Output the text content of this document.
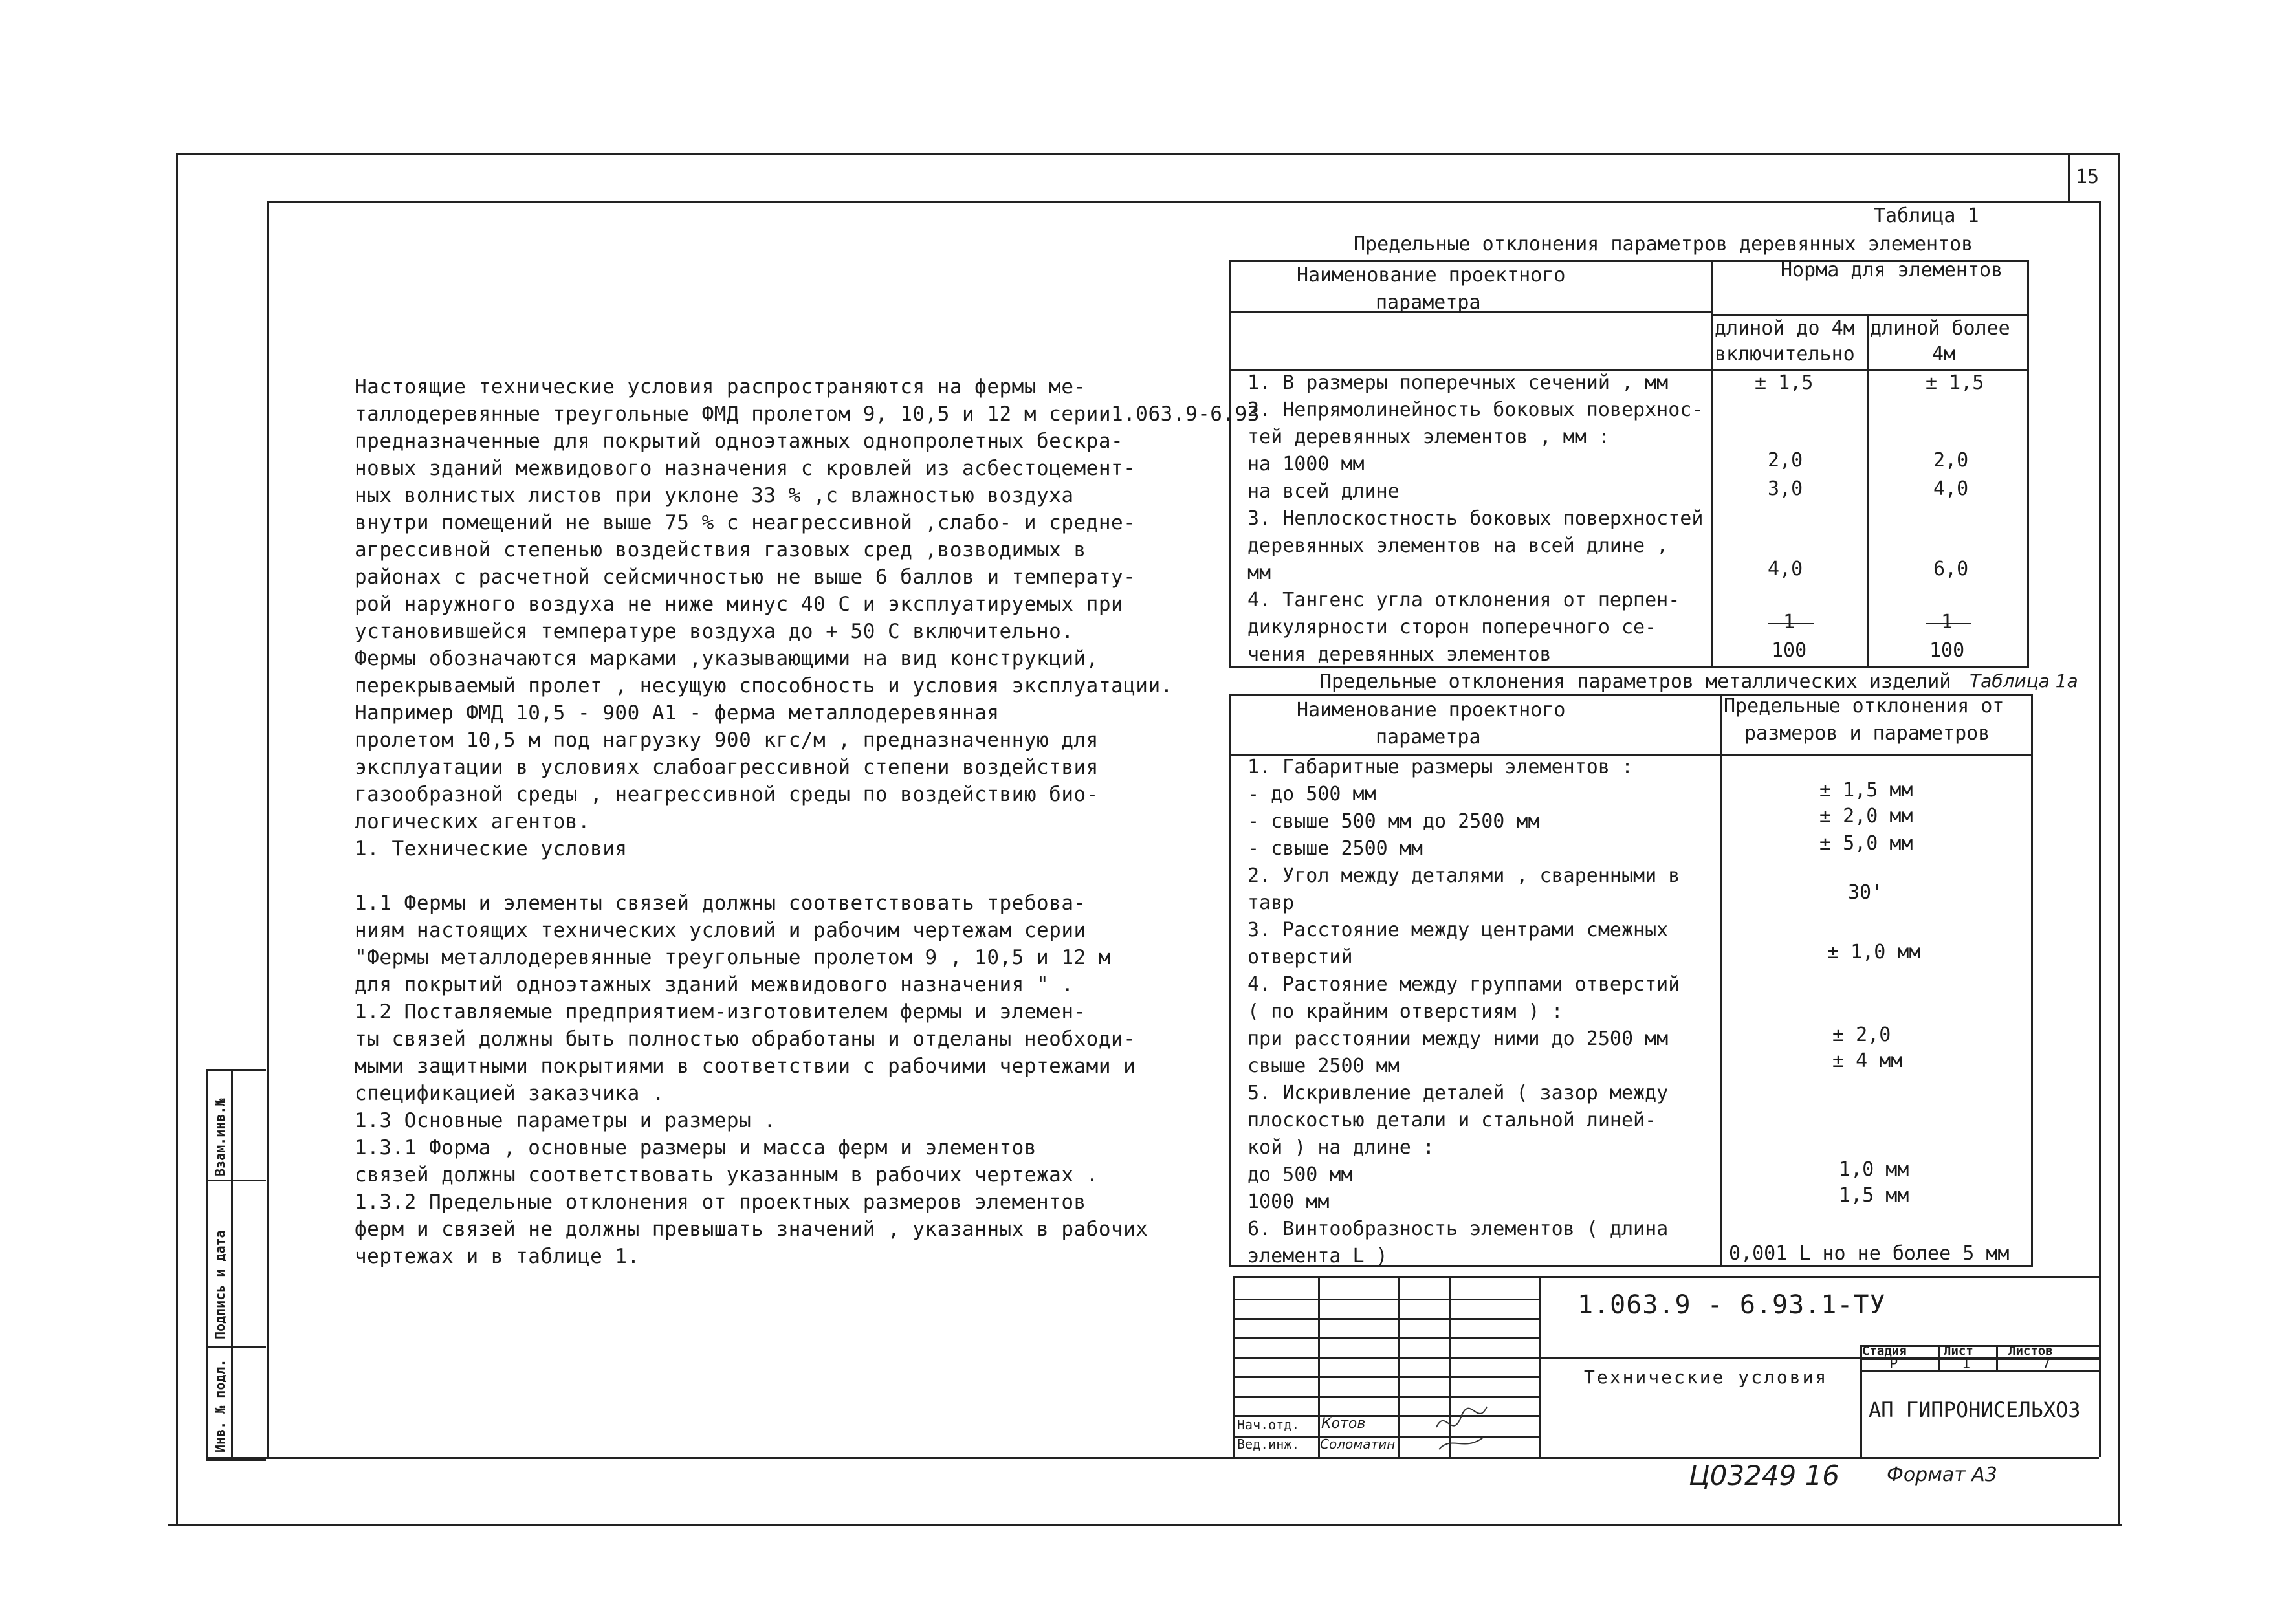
15
Взам.инв.№
Подпись и дата
Инв. № подл.
Настоящие технические условия распространяются на фермы ме-
таллодеревянные треугольные ФМД пролетом 9, 10,5 и 12 м серии1.063.9-6.93
предназначенные для покрытий одноэтажных однопролетных бескра-
новых зданий межвидового назначения с кровлей из асбестоцемент-
ных волнистых листов при уклоне 33 % ,с влажностью воздуха
внутри помещений не выше 75 % с неагрессивной ,слабо- и средне-
агрессивной степенью воздействия газовых сред ,возводимых в
районах с расчетной сейсмичностью не выше 6 баллов и температу-
рой наружного воздуха не ниже минус 40 С и эксплуатируемых при
установившейся температуре воздуха до + 50 С включительно.
Фермы обозначаются марками ,указывающими на вид конструкций,
перекрываемый пролет , несущую способность и условия эксплуатации.
Например ФМД 10,5 - 900 А1 - ферма металлодеревянная
пролетом 10,5 м под нагрузку 900 кгс/м , предназначенную для
эксплуатации в условиях слабоагрессивной степени воздействия
газообразной среды , неагрессивной среды по воздействию био-
логических агентов.
1. Технические условия
1.1 Фермы и элементы связей должны соответствовать требова-
ниям настоящих технических условий и рабочим чертежам серии
"Фермы металлодеревянные треугольные пролетом 9 , 10,5 и 12 м
для покрытий одноэтажных зданий межвидового назначения " .
1.2 Поставляемые предприятием-изготовителем фермы и элемен-
ты связей должны быть полностью обработаны и отделаны необходи-
мыми защитными покрытиями в соответствии с рабочими чертежами и
спецификацией заказчика .
1.3 Основные параметры и размеры .
1.3.1 Форма , основные размеры и масса ферм и элементов
связей должны соответствовать указанным в рабочих чертежах .
1.3.2 Предельные отклонения от проектных размеров элементов
ферм и связей не должны превышать значений , указанных в рабочих
чертежах и в таблице 1.
Таблица 1
Предельные отклонения параметров деревянных элементов
Наименование проектного
параметра
Норма для элементов
длиной до 4м
включительно
длиной более
4м
1. В размеры поперечных сечений , мм	± 1,5	± 1,5
2. Непрямолинейность боковых поверхнос-
тей деревянных элементов , мм :
на 1000 мм	2,0	2,0
на всей длине	3,0	4,0
3. Неплоскостность боковых поверхностей
деревянных элементов на всей длине ,
мм	4,0	6,0
4. Тангенс угла отклонения от перпен-
дикулярности сторон поперечного се-	1	1
чения деревянных элементов	100	100
Предельные отклонения параметров металлических изделий Таблица 1а
Наименование проектного
параметра
Предельные отклонения от
размеров и параметров
1. Габаритные размеры элементов :
- до 500 мм	± 1,5 мм
- свыше 500 мм до 2500 мм	± 2,0 мм
- свыше 2500 мм	± 5,0 мм
2. Угол между деталями , сваренными в
тавр	30'
3. Расстояние между центрами смежных
отверстий	± 1,0 мм
4. Растояние между группами отверстий
( по крайним отверстиям ) :
при расстоянии между ними до 2500 мм	± 2,0
свыше 2500 мм	± 4 мм
5. Искривление деталей ( зазор между
плоскостью детали и стальной линей-
кой ) на длине :
до 500 мм	1,0 мм
1000 мм	1,5 мм
6. Винтообразность элементов ( длина
элемента L )	0,001 L но не более 5 мм
1.063.9 - 6.93.1-ТУ
Технические условия
Стадия	Лист	Листов
Р	1	7
АП ГИПРОНИСЕЛЬХОЗ
Нач.отд. Котов
Вед.инж. Соломатин
Ц03249 16 Формат А3
